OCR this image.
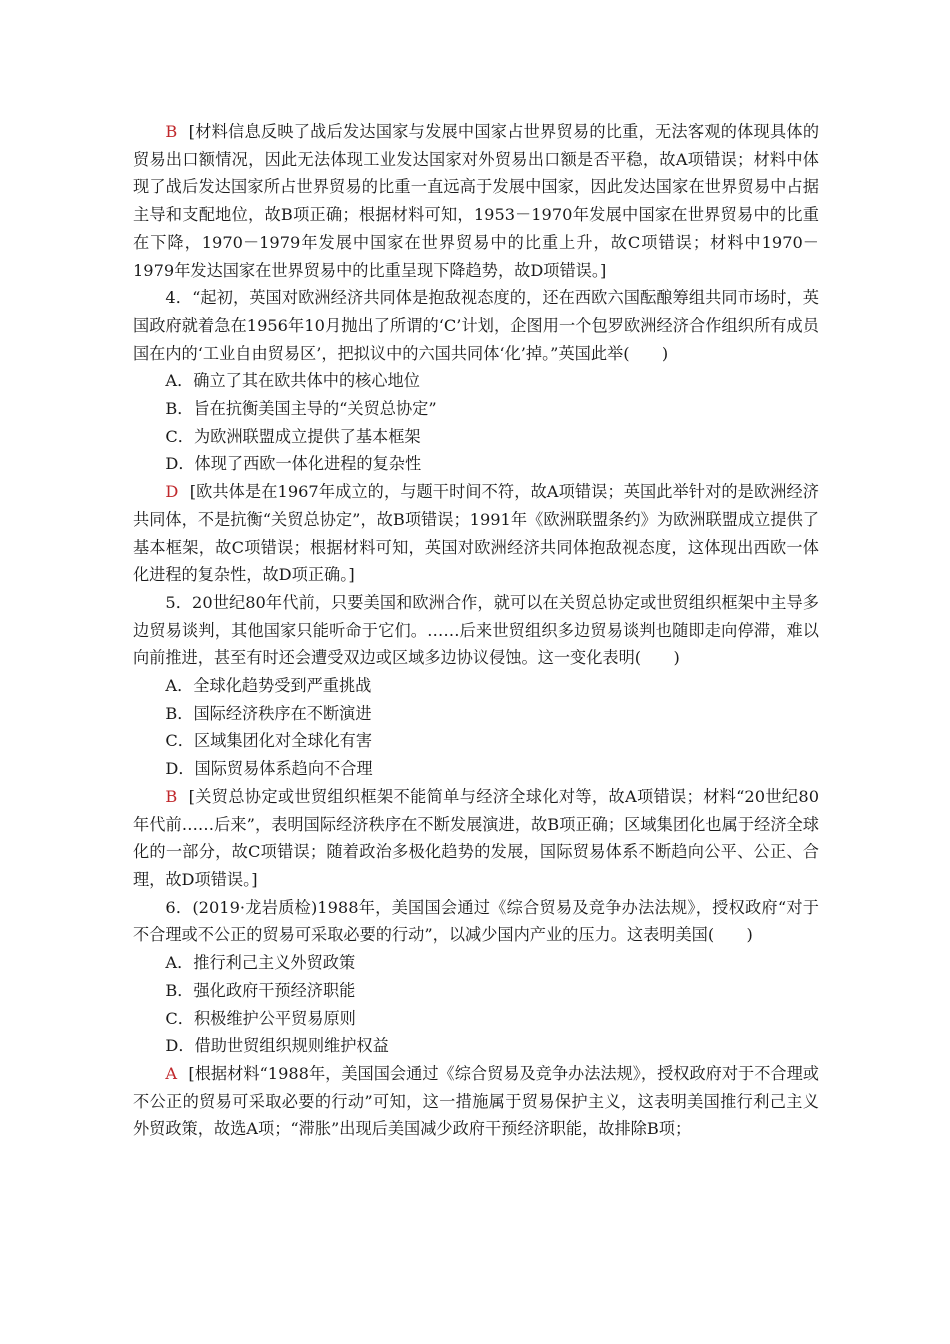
B [材料信息反映了战后发达国家与发展中国家占世界贸易的比重，无法客观的体现具体的贸易出口额情况，因此无法体现工业发达国家对外贸易出口额是否平稳，故A项错误；材料中体现了战后发达国家所占世界贸易的比重一直远高于发展中国家，因此发达国家在世界贸易中占据主导和支配地位，故B项正确；根据材料可知，1953－1970年发展中国家在世界贸易中的比重在下降，1970－1979年发展中国家在世界贸易中的比重上升，故C项错误；材料中1970－1979年发达国家在世界贸易中的比重呈现下降趋势，故D项错误。]

4．“起初，英国对欧洲经济共同体是抱敌视态度的，还在西欧六国酝酿筹组共同市场时，英国政府就着急在1956年10月抛出了所谓的‘C’计划，企图用一个包罗欧洲经济合作组织所有成员国在内的‘工业自由贸易区’，把拟议中的六国共同体‘化’掉。”英国此举(　　)

A．确立了其在欧共体中的核心地位

B．旨在抗衡美国主导的“关贸总协定”

C．为欧洲联盟成立提供了基本框架

D．体现了西欧一体化进程的复杂性

D [欧共体是在1967年成立的，与题干时间不符，故A项错误；英国此举针对的是欧洲经济共同体，不是抗衡“关贸总协定”，故B项错误；1991年《欧洲联盟条约》为欧洲联盟成立提供了基本框架，故C项错误；根据材料可知，英国对欧洲经济共同体抱敌视态度，这体现出西欧一体化进程的复杂性，故D项正确。]

5．20世纪80年代前，只要美国和欧洲合作，就可以在关贸总协定或世贸组织框架中主导多边贸易谈判，其他国家只能听命于它们。……后来世贸组织多边贸易谈判也随即走向停滞，难以向前推进，甚至有时还会遭受双边或区域多边协议侵蚀。这一变化表明(　　)

A．全球化趋势受到严重挑战

B．国际经济秩序在不断演进

C．区域集团化对全球化有害

D．国际贸易体系趋向不合理

B [关贸总协定或世贸组织框架不能简单与经济全球化对等，故A项错误；材料“20世纪80年代前……后来”，表明国际经济秩序在不断发展演进，故B项正确；区域集团化也属于经济全球化的一部分，故C项错误；随着政治多极化趋势的发展，国际贸易体系不断趋向公平、公正、合理，故D项错误。]

6．(2019·龙岩质检)1988年，美国国会通过《综合贸易及竞争办法法规》，授权政府“对于不合理或不公正的贸易可采取必要的行动”，以减少国内产业的压力。这表明美国(　　)

A．推行利己主义外贸政策

B．强化政府干预经济职能

C．积极维护公平贸易原则

D．借助世贸组织规则维护权益

A [根据材料“1988年，美国国会通过《综合贸易及竞争办法法规》，授权政府对于不合理或不公正的贸易可采取必要的行动”可知，这一措施属于贸易保护主义，这表明美国推行利己主义外贸政策，故选A项；“滞胀”出现后美国减少政府干预经济职能，故排除B项；
